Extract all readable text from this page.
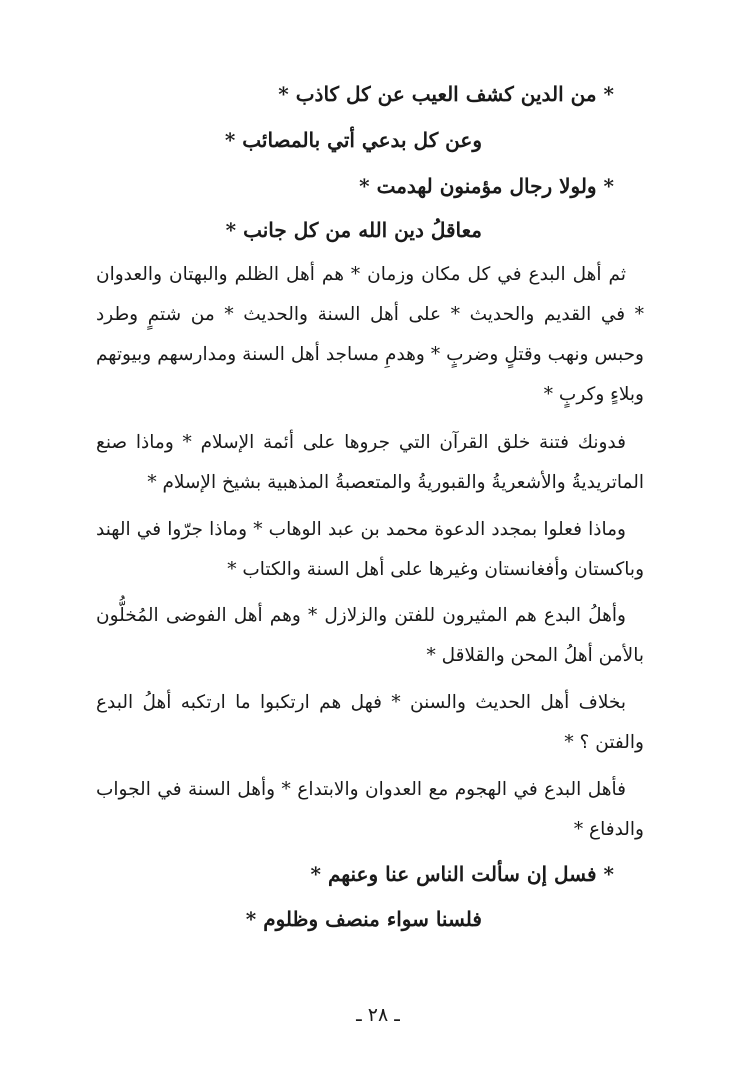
* من الدين كشف العيب عن كل كاذب *
وعن كل بدعي أتي بالمصائب *
* ولولا رجال مؤمنون لهدمت *
معاقلُ دين الله من كل جانب *
ثم أهل البدع في كل مكان وزمان * هم أهل الظلم والبهتان والعدوان * في القديم والحديث * على أهل السنة والحديث * من شتمٍ وطرد وحبس ونهب وقتلٍ وضربٍ * وهدمِ مساجد أهل السنة ومدارسهم وبيوتهم وبلاءٍ وكربٍ *
فدونك فتنة خلق القرآن التي جروها على أئمة الإسلام * وماذا صنع الماتريديةُ والأشعريةُ والقبوريةُ والمتعصبةُ المذهبية بشيخ الإسلام *
وماذا فعلوا بمجدد الدعوة محمد بن عبد الوهاب * وماذا جرّوا في الهند وباكستان وأفغانستان وغيرها على أهل السنة والكتاب *
وأهلُ البدع هم المثيرون للفتن والزلازل * وهم أهل الفوضى المُخلُّون بالأمن أهلُ المحن والقلاقل *
بخلاف أهل الحديث والسنن * فهل هم ارتكبوا ما ارتكبه أهلُ البدع والفتن ؟ *
فأهل البدع في الهجوم مع العدوان والابتداع * وأهل السنة في الجواب والدفاع *
* فسل إن سألت الناس عنا وعنهم *
فلسنا سواء منصف وظلوم *
ـ ٢٨ ـ
